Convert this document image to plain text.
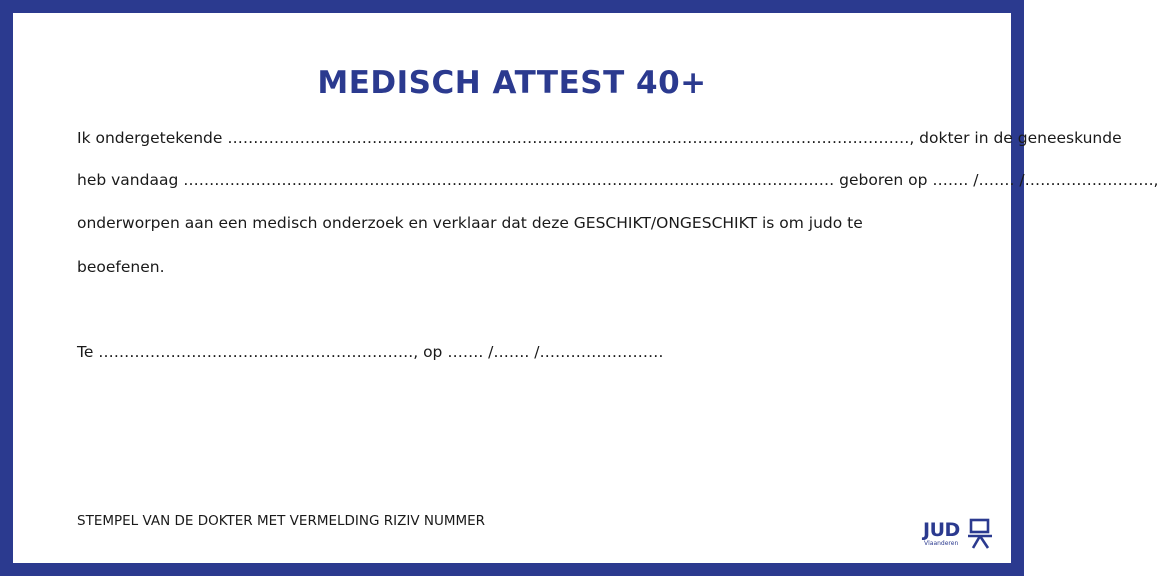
MEDISCH ATTEST 40+
Ik ondergetekende ……………………………………………………………………………………………………………………, dokter in de geneeskunde
heb vandaag ……………………………………………………………………………………………………………… geboren op ……. /……. /…………………….,
onderworpen aan een medisch onderzoek en verklaar dat deze GESCHIKT/ONGESCHIKT is om judo te
beoefenen.
Te ……………………………………………………., op ……. /……. /……………………
STEMPEL VAN DE DOKTER MET VERMELDING RIZIV NUMMER	JUD
Vlaanderen
